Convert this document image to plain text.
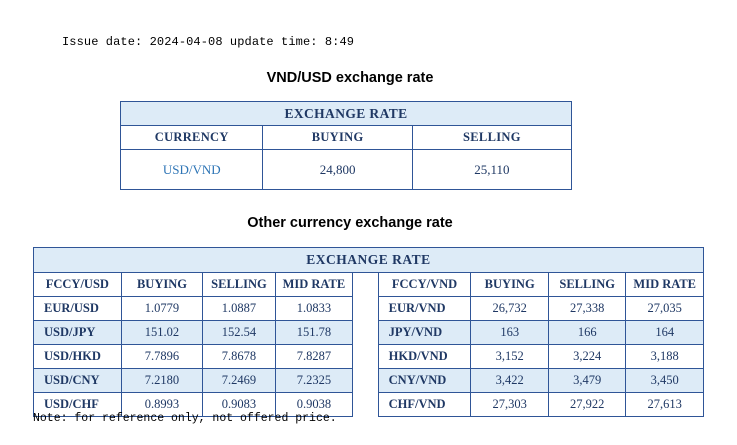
Issue date: 2024-04-08 update time: 8:49
VND/USD exchange rate
EXCHANGE RATE		
CURRENCY	BUYING	SELLING
USD/VND	24,800	25,110
Other currency exchange rate
EXCHANGE RATE								
FCCY/USD	BUYING	SELLING	MID RATE		FCCY/VND	BUYING	SELLING	MID RATE
EUR/USD	1.0779	1.0887	1.0833		EUR/VND	26,732	27,338	27,035
USD/JPY	151.02	152.54	151.78		JPY/VND	163	166	164
USD/HKD	7.7896	7.8678	7.8287		HKD/VND	3,152	3,224	3,188
USD/CNY	7.2180	7.2469	7.2325		CNY/VND	3,422	3,479	3,450
USD/CHF	0.8993	0.9083	0.9038		CHF/VND	27,303	27,922	27,613
Note: for reference only, not offered price.
